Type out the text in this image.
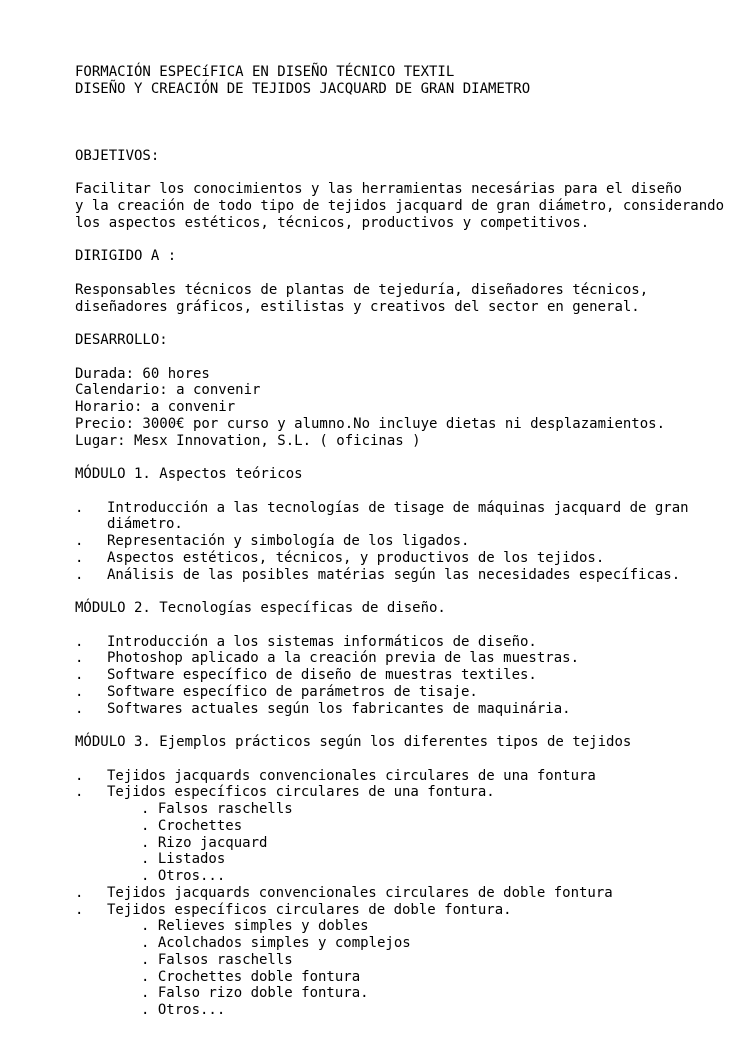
FORMACIÓN ESPECíFICA EN DISEÑO TÉCNICO TEXTIL
DISEÑO Y CREACIÓN DE TEJIDOS JACQUARD DE GRAN DIAMETRO
OBJETIVOS:
Facilitar los conocimientos y las herramientas necesárias para el diseño
y la creación de todo tipo de tejidos jacquard de gran diámetro, considerando
los aspectos estéticos, técnicos, productivos y competitivos.
DIRIGIDO A :
Responsables técnicos de plantas de tejeduría, diseñadores técnicos,
diseñadores gráficos, estilistas y creativos del sector en general.
DESARROLLO:
Durada: 60 hores
Calendario: a convenir
Horario: a convenir
Precio: 3000€ por curso y alumno.No incluye dietas ni desplazamientos.
Lugar: Mesx Innovation, S.L. ( oficinas )
MÓDULO 1. Aspectos teóricos
. Introducción a las tecnologías de tisage de máquinas jacquard de gran
diámetro.
. Representación y simbología de los ligados.
. Aspectos estéticos, técnicos, y productivos de los tejidos.
. Análisis de las posibles matérias según las necesidades específicas.
MÓDULO 2. Tecnologías específicas de diseño.
. Introducción a los sistemas informáticos de diseño.
. Photoshop aplicado a la creación previa de las muestras.
. Software específico de diseño de muestras textiles.
. Software específico de parámetros de tisaje.
. Softwares actuales según los fabricantes de maquinária.
MÓDULO 3. Ejemplos prácticos según los diferentes tipos de tejidos
. Tejidos jacquards convencionales circulares de una fontura
. Tejidos específicos circulares de una fontura.
. Falsos raschells
. Crochettes
. Rizo jacquard
. Listados
. Otros...
. Tejidos jacquards convencionales circulares de doble fontura
. Tejidos específicos circulares de doble fontura.
. Relieves simples y dobles
. Acolchados simples y complejos
. Falsos raschells
. Crochettes doble fontura
. Falso rizo doble fontura.
. Otros...
